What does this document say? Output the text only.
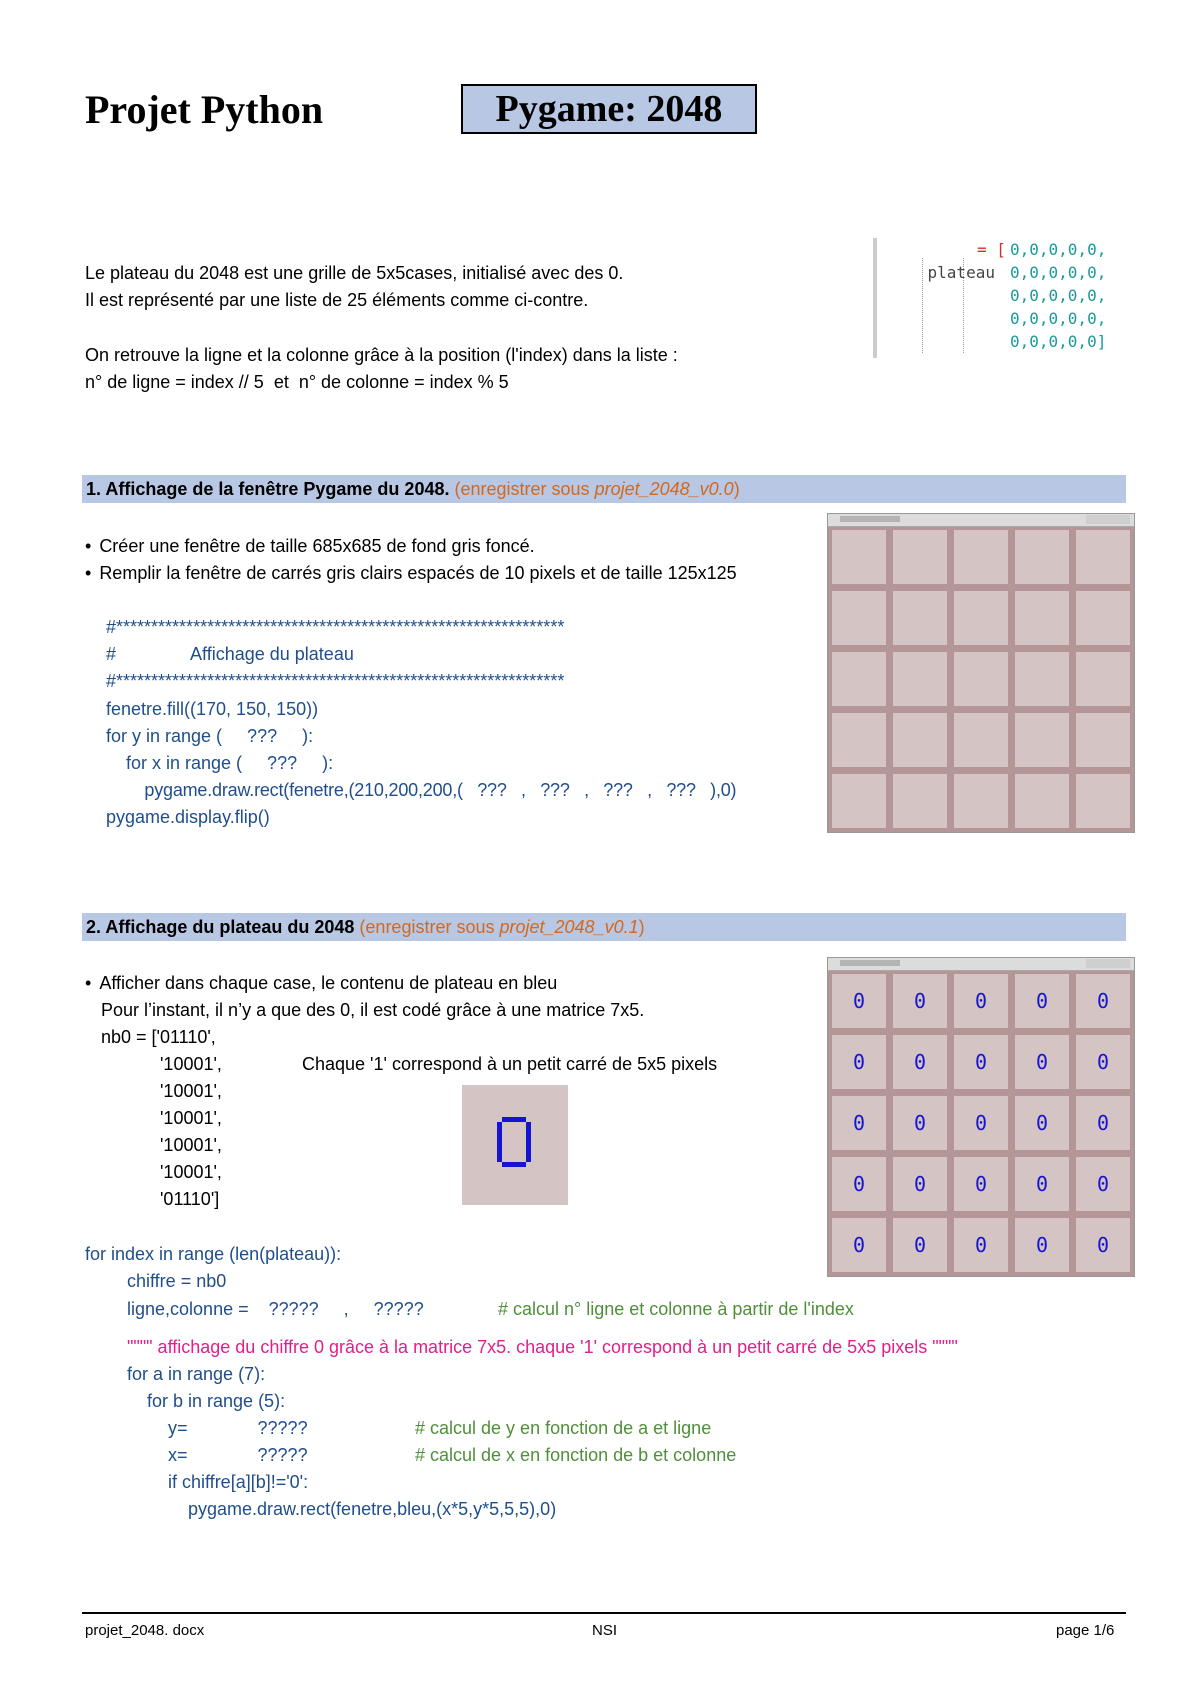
Projet Python	Pygame: 2048
Le plateau du 2048 est une grille de 5x5cases, initialisé avec des 0.
Il est représenté par une liste de 25 éléments comme ci-contre.
On retrouve la ligne et la colonne grâce à la position (l'index) dans la liste :
n° de ligne = index // 5  et  n° de colonne = index % 5

plateau

= [ 0,0,0,0,0,
0,0,0,0,0,
0,0,0,0,0,
0,0,0,0,0,
0,0,0,0,0]
1. Affichage de la fenêtre Pygame du 2048. (enregistrer sous projet_2048_v0.0)
• Créer une fenêtre de taille 685x685 de fond gris foncé.
• Remplir la fenêtre de carrés gris clairs espacés de 10 pixels et de taille 125x125
#****************************************************************
#               Affichage du plateau
#****************************************************************
fenetre.fill((170, 150, 150))
for y in range (     ???     ):
for x in range (     ???     ):
pygame.draw.rect(fenetre,(210,200,200,(   ???   ,   ???   ,   ???   ,   ???   ),0)
pygame.display.flip()
2. Affichage du plateau du 2048 (enregistrer sous projet_2048_v0.1)
• Afficher dans chaque case, le contenu de plateau en bleu
Pour l’instant, il n’y a que des 0, il est codé grâce à une matrice 7x5.
nb0 = ['01110',
'10001',
'10001',
'10001',
'10001',
'10001',
'01110']
Chaque '1' correspond à un petit carré de 5x5 pixels
0	0	0	0	0
0	0	0	0	0
0	0	0	0	0
0	0	0	0	0
0	0	0	0	0
for index in range (len(plateau)):
chiffre = nb0
ligne,colonne =    ?????     ,     ?????	# calcul n° ligne et colonne à partir de l'index
"""" affichage du chiffre 0 grâce à la matrice 7x5. chaque '1' correspond à un petit carré de 5x5 pixels """"
for a in range (7):
for b in range (5):
y=              ?????	# calcul de y en fonction de a et ligne
x=              ?????	# calcul de x en fonction de b et colonne
if chiffre[a][b]!='0':
pygame.draw.rect(fenetre,bleu,(x*5,y*5,5,5),0)
projet_2048. docx	NSI	page 1/6
